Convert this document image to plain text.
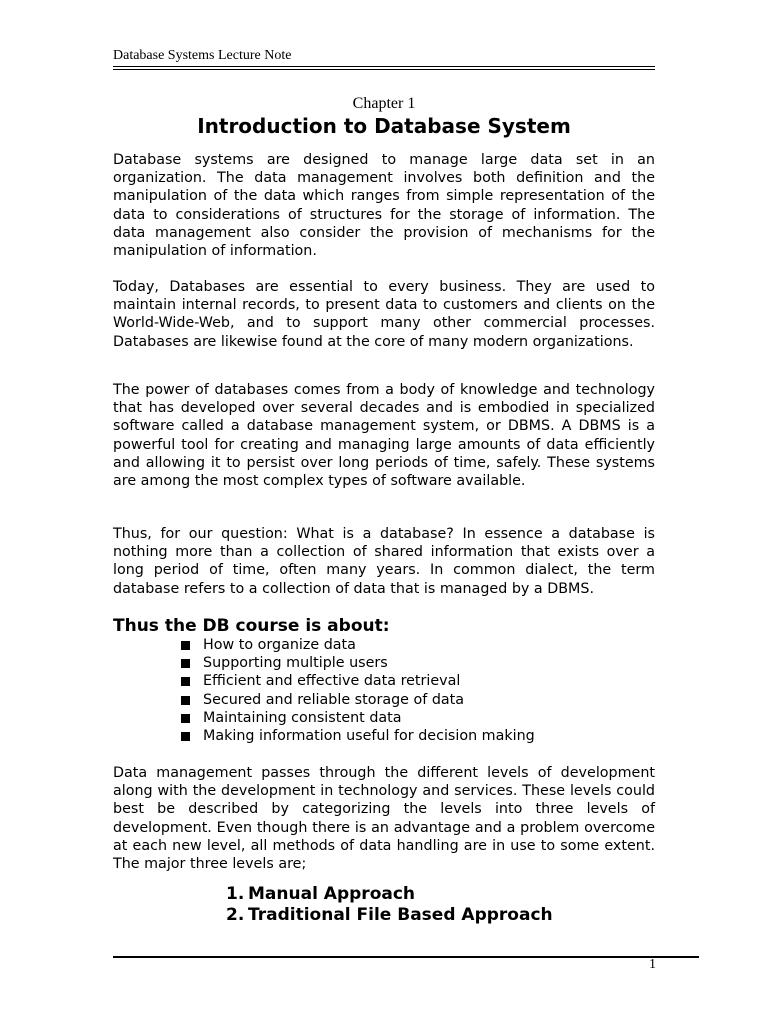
Database Systems Lecture Note
Chapter 1
Introduction to Database System

Database systems are designed to manage large data set in an organization. The data management involves both definition and the manipulation of the data which ranges from simple representation of the data to considerations of structures for the storage of information. The data management also consider the provision of mechanisms for the manipulation of information.

Today, Databases are essential to every business. They are used to maintain internal records, to present data to customers and clients on the World-Wide-Web, and to support many other commercial processes. Databases are likewise found at the core of many modern organizations.

The power of databases comes from a body of knowledge and technology that has developed over several decades and is embodied in specialized software called a database management system, or DBMS. A DBMS is a powerful tool for creating and managing large amounts of data efficiently and allowing it to persist over long periods of time, safely. These systems are among the most complex types of software available.

Thus, for our question: What is a database? In essence a database is nothing more than a collection of shared information that exists over a long period of time, often many years. In common dialect, the term database refers to a collection of data that is managed by a DBMS.

Thus the DB course is about:
How to organize data
Supporting multiple users
Efficient and effective data retrieval
Secured and reliable storage of data
Maintaining consistent data
Making information useful for decision making

Data management passes through the different levels of development along with the development in technology and services. These levels could best be described by categorizing the levels into three levels of development. Even though there is an advantage and a problem overcome at each new level, all methods of data handling are in use to some extent. The major three levels are;

1. Manual Approach
2. Traditional File Based Approach
1
